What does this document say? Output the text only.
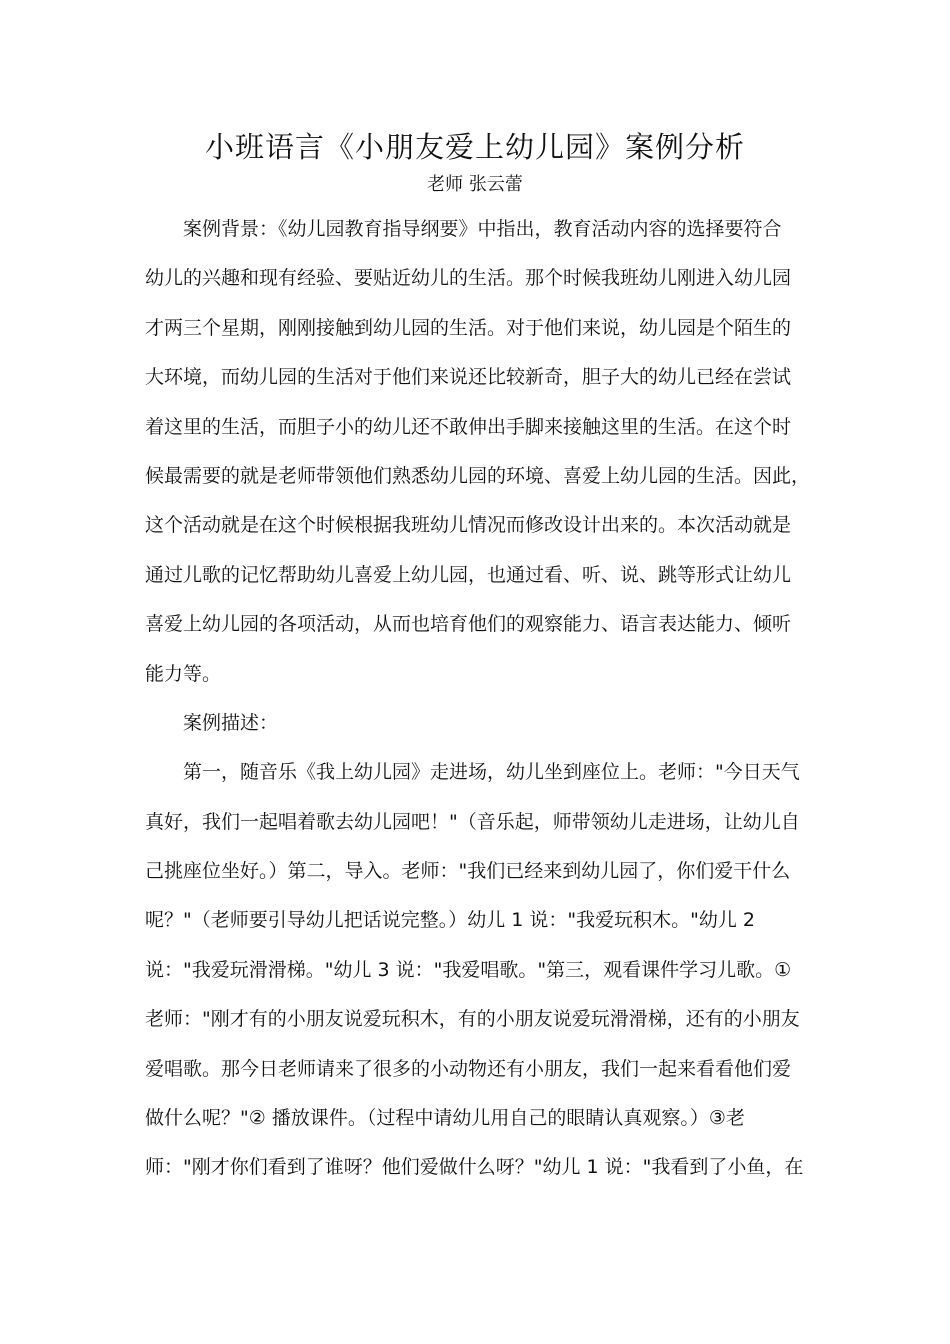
小班语言《小朋友爱上幼儿园》案例分析
老师 张云蕾
案例背景：《幼儿园教育指导纲要》中指出，教育活动内容的选择要符合
幼儿的兴趣和现有经验、要贴近幼儿的生活。那个时候我班幼儿刚进入幼儿园
才两三个星期，刚刚接触到幼儿园的生活。对于他们来说，幼儿园是个陌生的
大环境，而幼儿园的生活对于他们来说还比较新奇，胆子大的幼儿已经在尝试
着这里的生活，而胆子小的幼儿还不敢伸出手脚来接触这里的生活。在这个时
候最需要的就是老师带领他们熟悉幼儿园的环境、喜爱上幼儿园的生活。因此，
这个活动就是在这个时候根据我班幼儿情况而修改设计出来的。本次活动就是
通过儿歌的记忆帮助幼儿喜爱上幼儿园，也通过看、听、说、跳等形式让幼儿
喜爱上幼儿园的各项活动，从而也培育他们的观察能力、语言表达能力、倾听
能力等。
案例描述：
第一，随音乐《我上幼儿园》走进场，幼儿坐到座位上。老师："今日天气
真好，我们一起唱着歌去幼儿园吧！"（音乐起，师带领幼儿走进场，让幼儿自
己挑座位坐好。）第二，导入。老师："我们已经来到幼儿园了，你们爱干什么
呢？"（老师要引导幼儿把话说完整。）幼儿 1 说："我爱玩积木。"幼儿 2
说："我爱玩滑滑梯。"幼儿 3 说："我爱唱歌。"第三，观看课件学习儿歌。①
老师："刚才有的小朋友说爱玩积木，有的小朋友说爱玩滑滑梯，还有的小朋友
爱唱歌。那今日老师请来了很多的小动物还有小朋友，我们一起来看看他们爱
做什么呢？"② 播放课件。（过程中请幼儿用自己的眼睛认真观察。）③老
师："刚才你们看到了谁呀？他们爱做什么呀？"幼儿 1 说："我看到了小鱼，在
